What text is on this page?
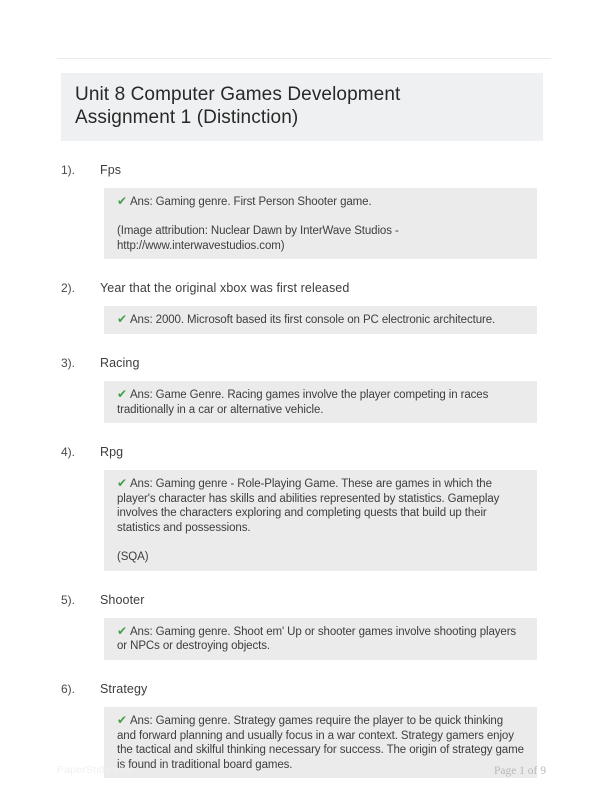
Unit 8 Computer Games Development
Assignment 1 (Distinction)
1).	Fps
✔ Ans: Gaming genre. First Person Shooter game.
(Image attribution: Nuclear Dawn by InterWave Studios - http://www.interwavestudios.com)
2).	Year that the original xbox was first released
✔ Ans: 2000. Microsoft based its first console on PC electronic architecture.
3).	Racing
✔ Ans: Game Genre. Racing games involve the player competing in races traditionally in a car or alternative vehicle.
4).	Rpg
✔ Ans: Gaming genre - Role-Playing Game. These are games in which the player's character has skills and abilities represented by statistics. Gameplay involves the characters exploring and completing quests that build up their statistics and possessions.
(SQA)
5).	Shooter
✔ Ans: Gaming genre. Shoot em' Up or shooter games involve shooting players or NPCs or destroying objects.
6).	Strategy
✔ Ans: Gaming genre. Strategy games require the player to be quick thinking and forward planning and usually focus in a war context. Strategy gamers enjoy the tactical and skilful thinking necessary for success. The origin of strategy game is found in traditional board games.
PaperStitle.com	Page 1 of 9
